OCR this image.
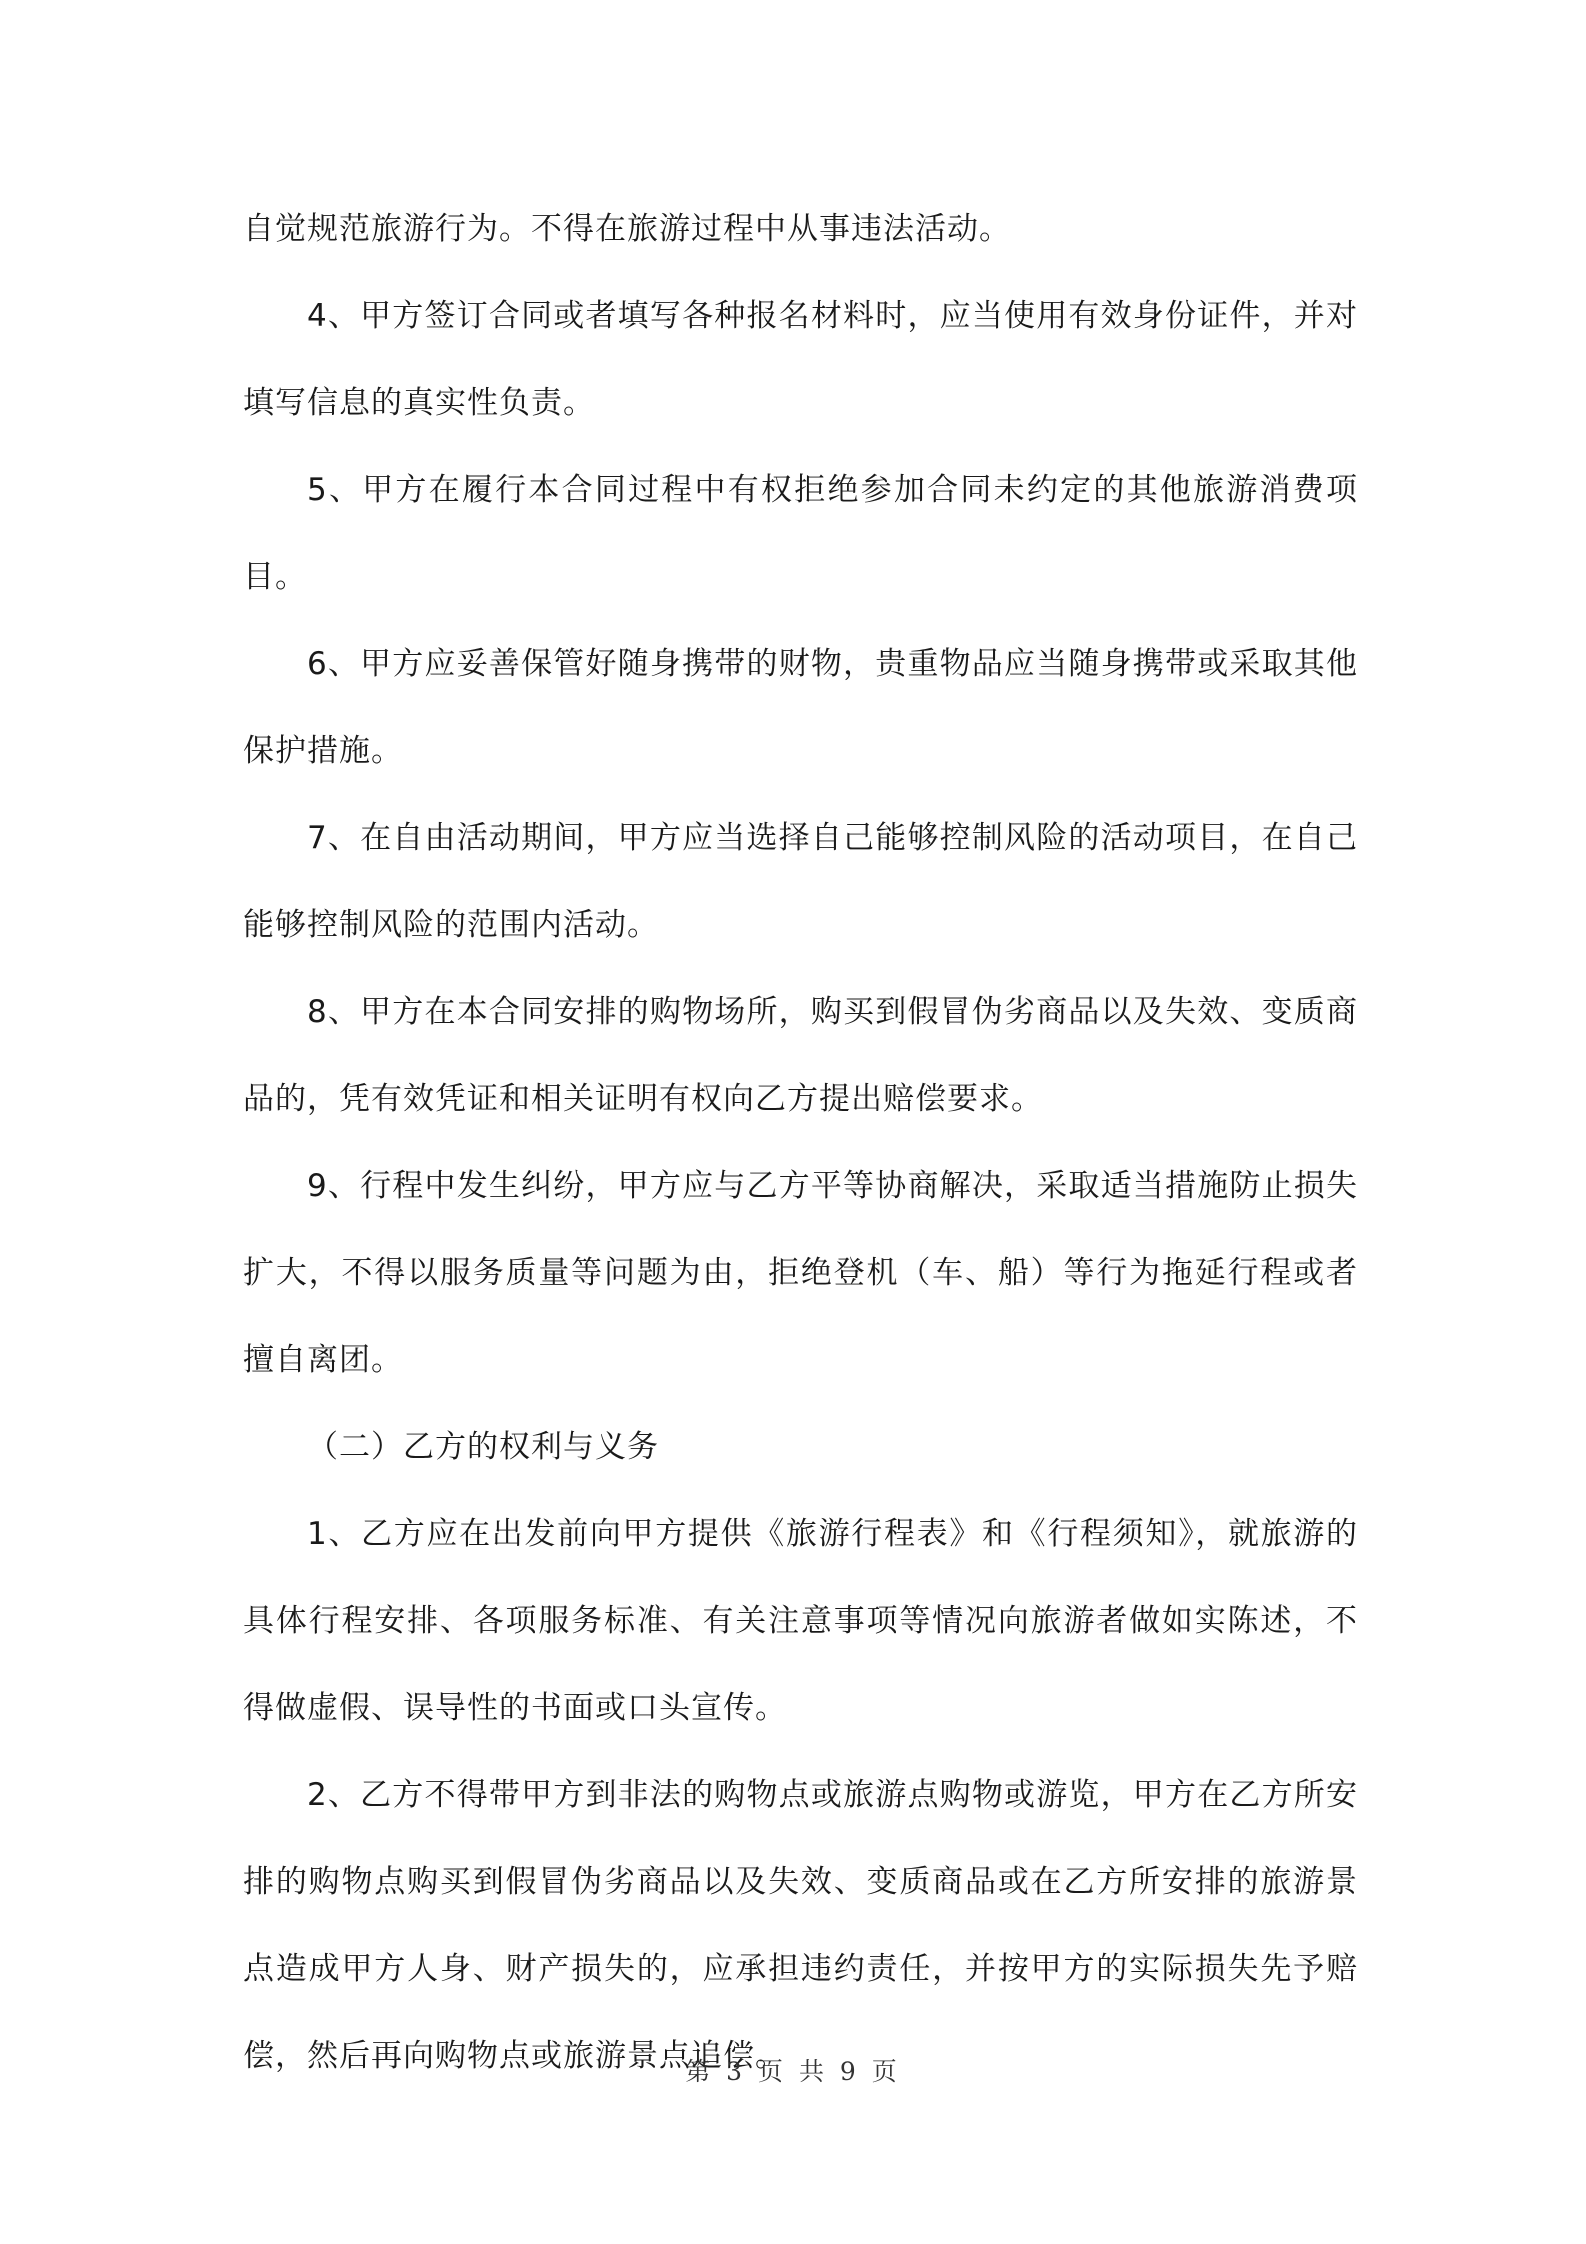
自觉规范旅游行为。不得在旅游过程中从事违法活动。

4、甲方签订合同或者填写各种报名材料时，应当使用有效身份证件，并对填写信息的真实性负责。

5、甲方在履行本合同过程中有权拒绝参加合同未约定的其他旅游消费项目。

6、甲方应妥善保管好随身携带的财物，贵重物品应当随身携带或采取其他保护措施。

7、在自由活动期间，甲方应当选择自己能够控制风险的活动项目，在自己能够控制风险的范围内活动。

8、甲方在本合同安排的购物场所，购买到假冒伪劣商品以及失效、变质商品的，凭有效凭证和相关证明有权向乙方提出赔偿要求。

9、行程中发生纠纷，甲方应与乙方平等协商解决，采取适当措施防止损失扩大，不得以服务质量等问题为由，拒绝登机（车、船）等行为拖延行程或者擅自离团。

（二）乙方的权利与义务

1、乙方应在出发前向甲方提供《旅游行程表》和《行程须知》，就旅游的具体行程安排、各项服务标准、有关注意事项等情况向旅游者做如实陈述，不得做虚假、误导性的书面或口头宣传。

2、乙方不得带甲方到非法的购物点或旅游点购物或游览，甲方在乙方所安排的购物点购买到假冒伪劣商品以及失效、变质商品或在乙方所安排的旅游景点造成甲方人身、财产损失的，应承担违约责任，并按甲方的实际损失先予赔偿，然后再向购物点或旅游景点追偿。

第 3 页 共 9 页
